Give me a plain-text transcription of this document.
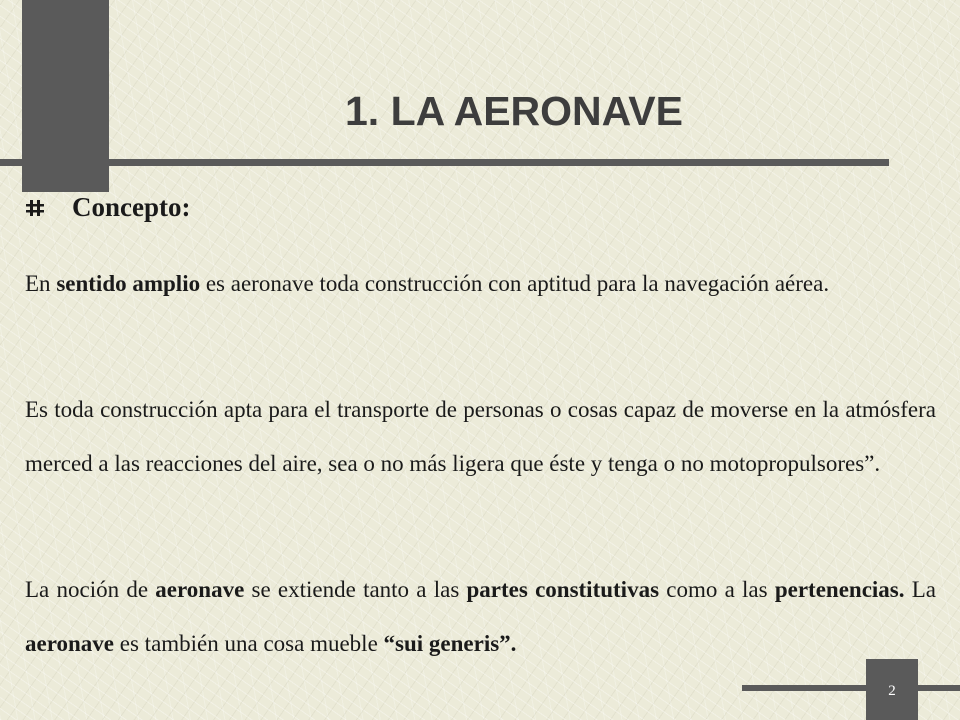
1. LA AERONAVE
Concepto:

En sentido amplio es aeronave toda construcción con aptitud para la navegación aérea.

Es toda construcción apta para el transporte de personas o cosas capaz de moverse en la atmósfera merced a las reacciones del aire, sea o no más ligera que éste y tenga o no motopropulsores”.

La noción de aeronave se extiende tanto a las partes constitutivas como a las pertenencias. La aeronave es también una cosa mueble “sui generis”.

2
